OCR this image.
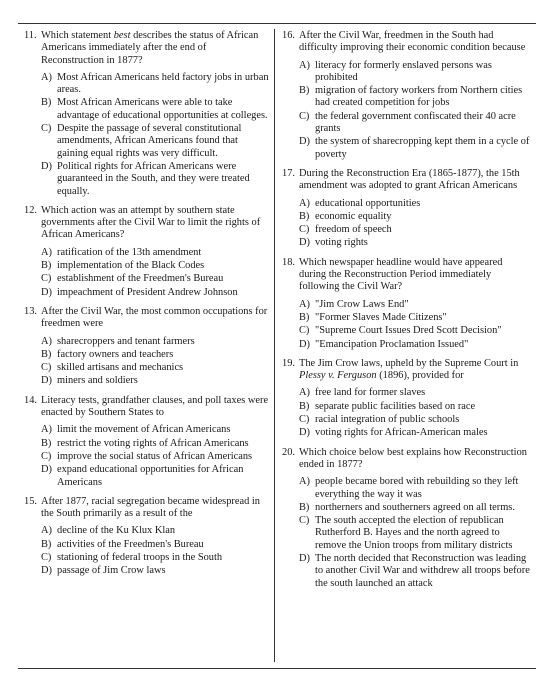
11. Which statement best describes the status of African Americans immediately after the end of Reconstruction in 1877?
A) Most African Americans held factory jobs in urban areas.
B) Most African Americans were able to take advantage of educational opportunities at colleges.
C) Despite the passage of several constitutional amendments, African Americans found that gaining equal rights was very difficult.
D) Political rights for African Americans were guaranteed in the South, and they were treated equally.
12. Which action was an attempt by southern state governments after the Civil War to limit the rights of African Americans?
A) ratification of the 13th amendment
B) implementation of the Black Codes
C) establishment of the Freedmen's Bureau
D) impeachment of President Andrew Johnson
13. After the Civil War, the most common occupations for freedmen were
A) sharecroppers and tenant farmers
B) factory owners and teachers
C) skilled artisans and mechanics
D) miners and soldiers
14. Literacy tests, grandfather clauses, and poll taxes were enacted by Southern States to
A) limit the movement of African Americans
B) restrict the voting rights of African Americans
C) improve the social status of African Americans
D) expand educational opportunities for African Americans
15. After 1877, racial segregation became widespread in the South primarily as a result of the
A) decline of the Ku Klux Klan
B) activities of the Freedmen's Bureau
C) stationing of federal troops in the South
D) passage of Jim Crow laws
16. After the Civil War, freedmen in the South had difficulty improving their economic condition because
A) literacy for formerly enslaved persons was prohibited
B) migration of factory workers from Northern cities had created competition for jobs
C) the federal government confiscated their 40 acre grants
D) the system of sharecropping kept them in a cycle of poverty
17. During the Reconstruction Era (1865-1877), the 15th amendment was adopted to grant African Americans
A) educational opportunities
B) economic equality
C) freedom of speech
D) voting rights
18. Which newspaper headline would have appeared during the Reconstruction Period immediately following the Civil War?
A) "Jim Crow Laws End"
B) "Former Slaves Made Citizens"
C) "Supreme Court Issues Dred Scott Decision"
D) "Emancipation Proclamation Issued"
19. The Jim Crow laws, upheld by the Supreme Court in Plessy v. Ferguson (1896), provided for
A) free land for former slaves
B) separate public facilities based on race
C) racial integration of public schools
D) voting rights for African-American males
20. Which choice below best explains how Reconstruction ended in 1877?
A) people became bored with rebuilding so they left everything the way it was
B) northerners and southerners agreed on all terms.
C) The south accepted the election of republican Rutherford B. Hayes and the north agreed to remove the Union troops from military districts
D) The north decided that Reconstruction was leading to another Civil War and withdrew all troops before the south launched an attack
